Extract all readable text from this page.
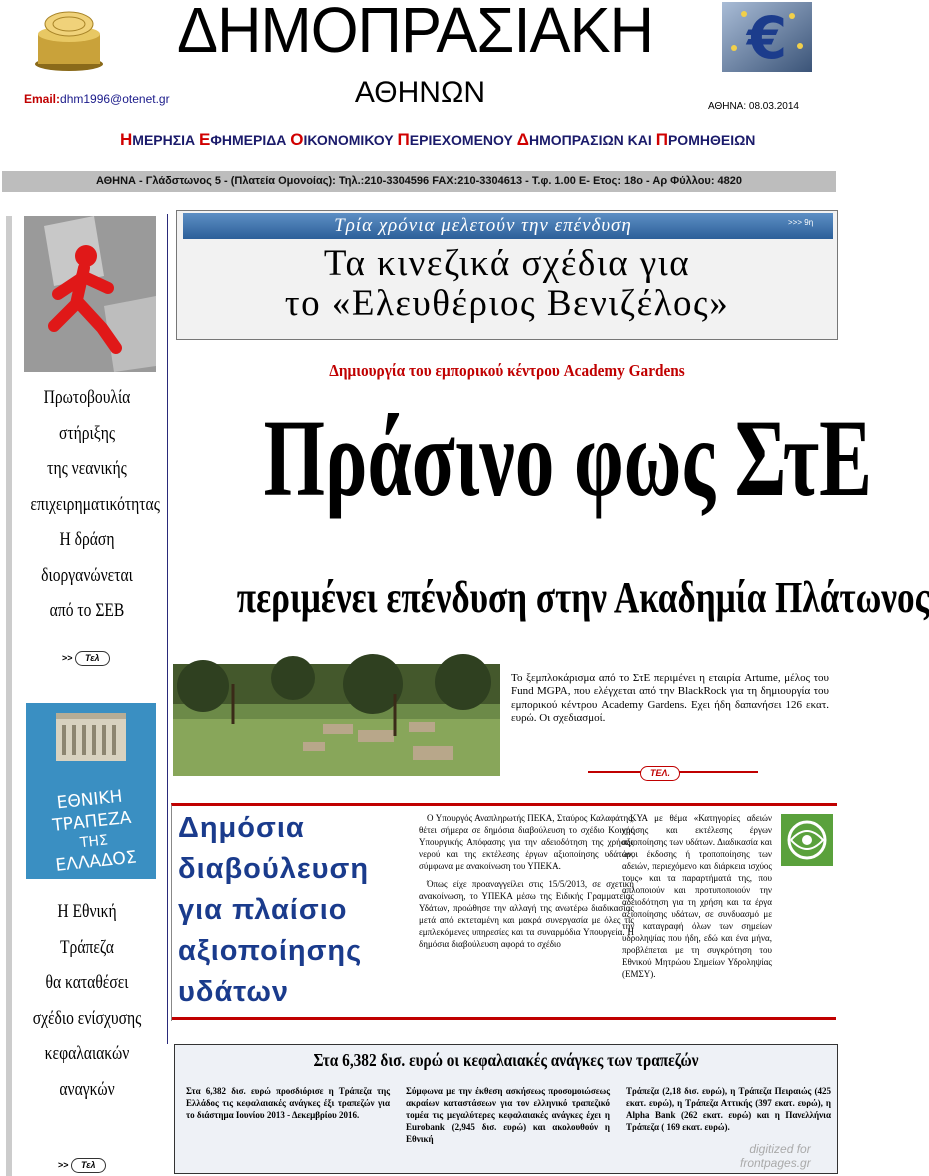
ΔΗΜΟΠΡΑΣΙΑΚΗ	€
ΑΘΗΝΩΝ
Email:dhm1996@otenet.gr
ΑΘΗΝΑ: 08.03.2014
ΗΜΕΡΗΣΙΑ ΕΦΗΜΕΡΙΔΑ ΟΙΚΟΝΟΜΙΚΟΥ ΠΕΡΙΕΧΟΜΕΝΟΥ ΔΗΜΟΠΡΑΣΙΩΝ ΚΑΙ ΠΡΟΜΗΘΕΙΩΝ
ΑΘΗΝΑ - Γλάδστωνος 5 - (Πλατεία Ομονοίας): Τηλ.:210-3304596 FAX:210-3304613 - Τ.φ. 1.00 Ε- Ετος: 18ο - Αρ Φύλλου: 4820
Πρωτοβουλία
στήριξης
της νεανικής
επιχειρηματικότητας
Η δράση
διοργανώνεται
από το ΣΕΒ
>> Τελ
ΕΘΝΙΚΗ
ΤΡΑΠΕΖΑ
ΤΗΣ
ΕΛΛΑΔΟΣ
Η Εθνική
Τράπεζα
θα καταθέσει
σχέδιο ενίσχυσης
κεφαλαιακών
αναγκών
>> Τελ
Τρία χρόνια μελετούν την επένδυση	>>> 9η
Τα κινεζικά σχέδια για
το «Ελευθέριος Βενιζέλος»
Δημιουργία του εμπορικού κέντρου Academy Gardens
Πράσινο φως ΣτΕ
περιμένει επένδυση στην Ακαδημία Πλάτωνος
Το ξεμπλοκάρισμα από το ΣτΕ περιμένει η εταιρία Artume, μέλος του Fund MGPA, που ελέγχεται από την BlackRock για τη δημιουργία του εμπορικού κέντρου Academy Gardens. Εχει ήδη δαπανήσει 126 εκατ. ευρώ. Οι σχεδιασμοί.
ΤΕΛ.
Δημόσια
διαβούλευση
για πλαίσιο
αξιοποίησης
υδάτων

Ο Υπουργός Αναπληρωτής ΠΕΚΑ, Σταύρος Καλαφάτης, θέτει σήμερα σε δημόσια διαβούλευση το σχέδιο Κοινής Υπουργικής Απόφασης για την αδειοδότηση της χρήσης νερού και της εκτέλεσης έργων αξιοποίησης υδάτων, σύμφωνα με ανακοίνωση του ΥΠΕΚΑ.

Όπως είχε προαναγγείλει στις 15/5/2013, σε σχετική ανακοίνωση, το ΥΠΕΚΑ μέσω της Ειδικής Γραμματείας Υδάτων, προώθησε την αλλαγή της ανωτέρω διαδικασίας μετά από εκτεταμένη και μακρά συνεργασία με όλες τις εμπλεκόμενες υπηρεσίες και τα συναρμόδια Υπουργεία. Η δημόσια διαβούλευση αφορά το σχέδιο

ΚΥΑ με θέμα «Κατηγορίες αδειών χρήσης και εκτέλεσης έργων αξιοποίησης των υδάτων. Διαδικασία και όροι έκδοσης ή τροποποίησης των αδειών, περιεχόμενο και διάρκεια ισχύος τους» και τα παραρτήματά της, που απλοποιούν και προτυποποιούν την αδειοδότηση για τη χρήση και τα έργα αξιοποίησης υδάτων, σε συνδυασμό με την καταγραφή όλων των σημείων υδροληψίας που ήδη, εδώ και ένα μήνα, προβλέπεται με τη συγκρότηση του Εθνικού Μητρώου Σημείων Υδροληψίας (ΕΜΣΥ).

Στα 6,382 δισ. ευρώ οι κεφαλαιακές ανάγκες των τραπεζών
Στα 6,382 δισ. ευρώ προσδιόρισε η Τράπεζα της Ελλάδος τις κεφαλαιακές ανάγκες έξι τραπεζών για το διάστημα Ιουνίου 2013 - Δεκεμβρίου 2016.
Σύμφωνα με την έκθεση ασκήσεως προσομοιώσεως ακραίων καταστάσεων για τον ελληνικό τραπεζικό τομέα τις μεγαλύτερες κεφαλαιακές ανάγκες έχει η Eurobank (2,945 δισ. ευρώ) και ακολουθούν η Εθνική
Τράπεζα (2,18 δισ. ευρώ), η Τράπεζα Πειραιώς (425 εκατ. ευρώ), η Τράπεζα Αττικής (397 εκατ. ευρώ), η Alpha Bank (262 εκατ. ευρώ) και η Πανελλήνια Τράπεζα ( 169 εκατ. ευρώ).
digitized for
frontpages.gr
